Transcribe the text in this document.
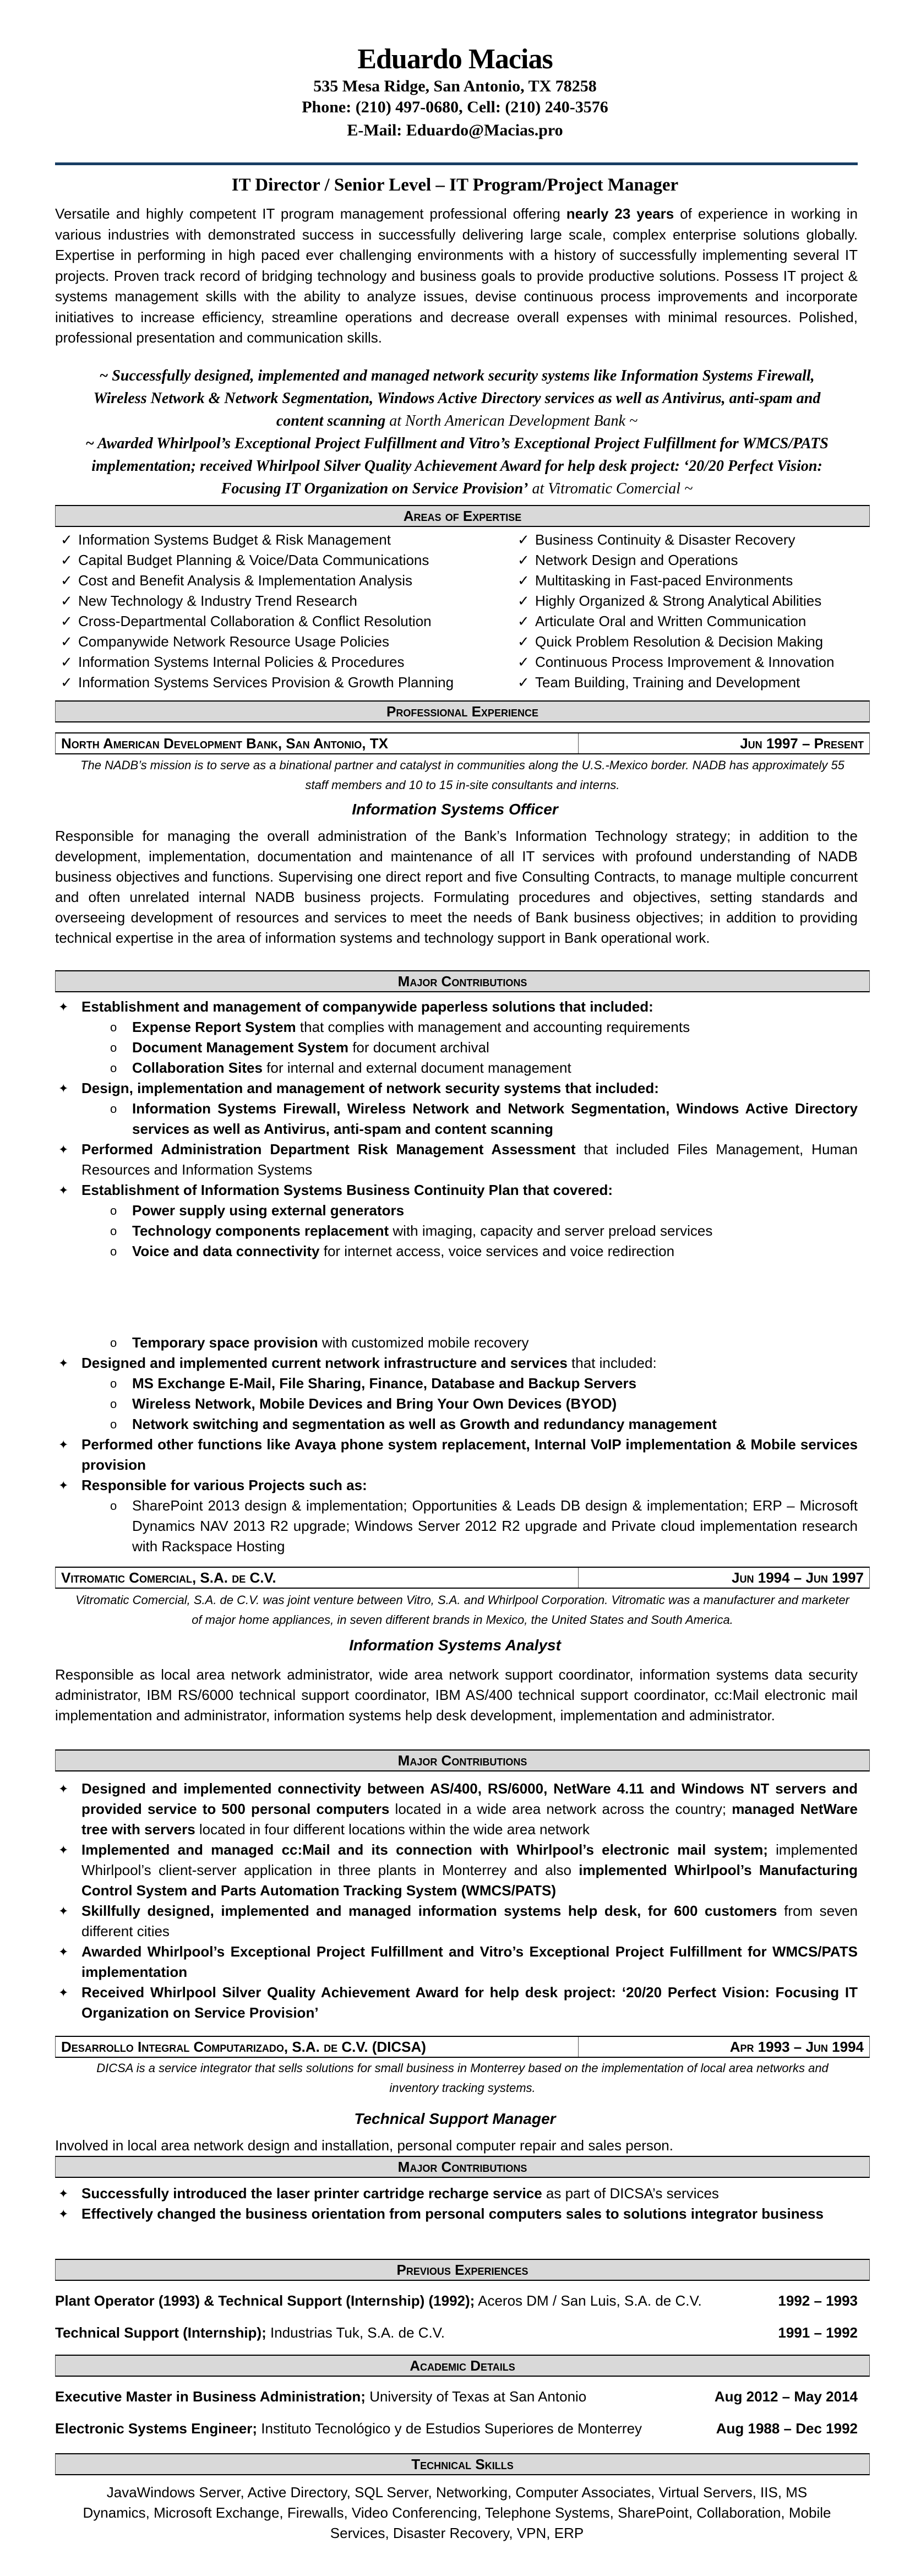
Eduardo Macias
535 Mesa Ridge, San Antonio, TX 78258
Phone: (210) 497-0680, Cell: (210) 240-3576
E-Mail: Eduardo@Macias.pro
IT Director / Senior Level – IT Program/Project Manager
Versatile and highly competent IT program management professional offering nearly 23 years of experience in working in various industries with demonstrated success in successfully delivering large scale, complex enterprise solutions globally. Expertise in performing in high paced ever challenging environments with a history of successfully implementing several IT projects. Proven track record of bridging technology and business goals to provide productive solutions. Possess IT project & systems management skills with the ability to analyze issues, devise continuous process improvements and incorporate initiatives to increase efficiency, streamline operations and decrease overall expenses with minimal resources. Polished, professional presentation and communication skills.
~ Successfully designed, implemented and managed network security systems like Information Systems Firewall, Wireless Network & Network Segmentation, Windows Active Directory services as well as Antivirus, anti-spam and content scanning at North American Development Bank ~
~ Awarded Whirlpool’s Exceptional Project Fulfillment and Vitro’s Exceptional Project Fulfillment for WMCS/PATS implementation; received Whirlpool Silver Quality Achievement Award for help desk project: ‘20/20 Perfect Vision: Focusing IT Organization on Service Provision’ at Vitromatic Comercial ~
Areas of Expertise
✓ Information Systems Budget & Risk Management	✓ Business Continuity & Disaster Recovery
✓ Capital Budget Planning & Voice/Data Communications	✓ Network Design and Operations
✓ Cost and Benefit Analysis & Implementation Analysis	✓ Multitasking in Fast-paced Environments
✓ New Technology & Industry Trend Research	✓ Highly Organized & Strong Analytical Abilities
✓ Cross-Departmental Collaboration & Conflict Resolution	✓ Articulate Oral and Written Communication
✓ Companywide Network Resource Usage Policies	✓ Quick Problem Resolution & Decision Making
✓ Information Systems Internal Policies & Procedures	✓ Continuous Process Improvement & Innovation
✓ Information Systems Services Provision & Growth Planning	✓ Team Building, Training and Development
Professional Experience
North American Development Bank, San Antonio, TX	Jun 1997 – Present
The NADB’s mission is to serve as a binational partner and catalyst in communities along the U.S.-Mexico border. NADB has approximately 55 staff members and 10 to 15 in-site consultants and interns.
Information Systems Officer
Responsible for managing the overall administration of the Bank’s Information Technology strategy; in addition to the development, implementation, documentation and maintenance of all IT services with profound understanding of NADB business objectives and functions. Supervising one direct report and five Consulting Contracts, to manage multiple concurrent and often unrelated internal NADB business projects. Formulating procedures and objectives, setting standards and overseeing development of resources and services to meet the needs of Bank business objectives; in addition to providing technical expertise in the area of information systems and technology support in Bank operational work.
Major Contributions
✦ Establishment and management of companywide paperless solutions that included:
o Expense Report System that complies with management and accounting requirements
o Document Management System for document archival
o Collaboration Sites for internal and external document management
✦ Design, implementation and management of network security systems that included:
o Information Systems Firewall, Wireless Network and Network Segmentation, Windows Active Directory services as well as Antivirus, anti-spam and content scanning
✦ Performed Administration Department Risk Management Assessment that included Files Management, Human Resources and Information Systems
✦ Establishment of Information Systems Business Continuity Plan that covered:
o Power supply using external generators
o Technology components replacement with imaging, capacity and server preload services
o Voice and data connectivity for internet access, voice services and voice redirection
o Temporary space provision with customized mobile recovery
✦ Designed and implemented current network infrastructure and services that included:
o MS Exchange E-Mail, File Sharing, Finance, Database and Backup Servers
o Wireless Network, Mobile Devices and Bring Your Own Devices (BYOD)
o Network switching and segmentation as well as Growth and redundancy management
✦ Performed other functions like Avaya phone system replacement, Internal VoIP implementation & Mobile services provision
✦ Responsible for various Projects such as:
o SharePoint 2013 design & implementation; Opportunities & Leads DB design & implementation; ERP – Microsoft Dynamics NAV 2013 R2 upgrade; Windows Server 2012 R2 upgrade and Private cloud implementation research with Rackspace Hosting
Vitromatic Comercial, S.A. de C.V.	Jun 1994 – Jun 1997
Vitromatic Comercial, S.A. de C.V. was joint venture between Vitro, S.A. and Whirlpool Corporation. Vitromatic was a manufacturer and marketer of major home appliances, in seven different brands in Mexico, the United States and South America.
Information Systems Analyst
Responsible as local area network administrator, wide area network support coordinator, information systems data security administrator, IBM RS/6000 technical support coordinator, IBM AS/400 technical support coordinator, cc:Mail electronic mail implementation and administrator, information systems help desk development, implementation and administrator.
Major Contributions
✦ Designed and implemented connectivity between AS/400, RS/6000, NetWare 4.11 and Windows NT servers and provided service to 500 personal computers located in a wide area network across the country; managed NetWare tree with servers located in four different locations within the wide area network
✦ Implemented and managed cc:Mail and its connection with Whirlpool’s electronic mail system; implemented Whirlpool’s client-server application in three plants in Monterrey and also implemented Whirlpool’s Manufacturing Control System and Parts Automation Tracking System (WMCS/PATS)
✦ Skillfully designed, implemented and managed information systems help desk, for 600 customers from seven different cities
✦ Awarded Whirlpool’s Exceptional Project Fulfillment and Vitro’s Exceptional Project Fulfillment for WMCS/PATS implementation
✦ Received Whirlpool Silver Quality Achievement Award for help desk project: ‘20/20 Perfect Vision: Focusing IT Organization on Service Provision’
Desarrollo Integral Computarizado, S.A. de C.V. (DICSA)	Apr 1993 – Jun 1994
DICSA is a service integrator that sells solutions for small business in Monterrey based on the implementation of local area networks and inventory tracking systems.
Technical Support Manager
Involved in local area network design and installation, personal computer repair and sales person.
Major Contributions
✦ Successfully introduced the laser printer cartridge recharge service as part of DICSA’s services
✦ Effectively changed the business orientation from personal computers sales to solutions integrator business
Previous Experiences
Plant Operator (1993) & Technical Support (Internship) (1992); Aceros DM / San Luis, S.A. de C.V.	1992 – 1993
Technical Support (Internship); Industrias Tuk, S.A. de C.V.	1991 – 1992
Academic Details
Executive Master in Business Administration; University of Texas at San Antonio	Aug 2012 – May 2014
Electronic Systems Engineer; Instituto Tecnológico y de Estudios Superiores de Monterrey	Aug 1988 – Dec 1992
Technical Skills
JavaWindows Server, Active Directory, SQL Server, Networking, Computer Associates, Virtual Servers, IIS, MS Dynamics, Microsoft Exchange, Firewalls, Video Conferencing, Telephone Systems, SharePoint, Collaboration, Mobile Services, Disaster Recovery, VPN, ERP
